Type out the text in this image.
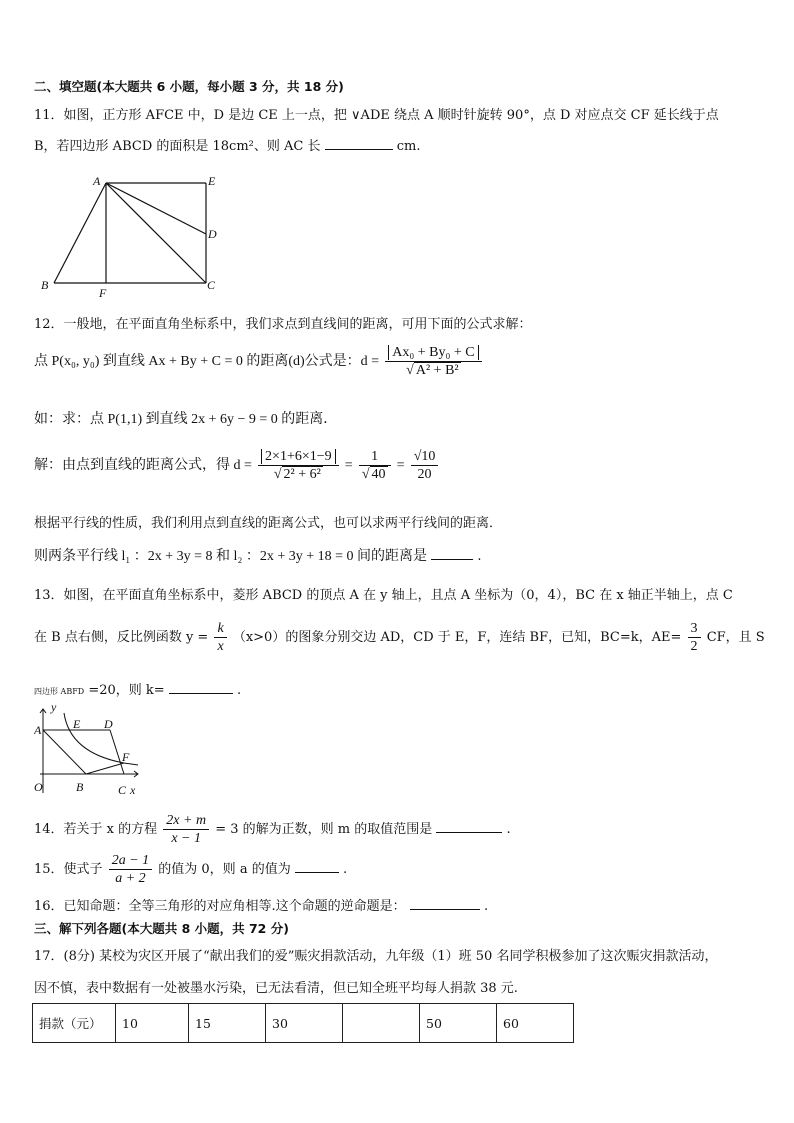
二、填空题(本大题共 6 小题，每小题 3 分，共 18 分)
11．如图，正方形 AFCE 中，D 是边 CE 上一点，把 ∨ADE 绕点 A 顺时针旋转 90°，点 D 对应点交 CF 延长线于点
B，若四边形 ABCD 的面积是 18cm²、则 AC 长	cm.
A	E
D
B
F
C
12．一般地，在平面直角坐标系中，我们求点到直线间的距离，可用下面的公式求解：
点 P(x₀, y₀) 到直线 Ax + By + C = 0 的距离(d)公式是：$d = \frac{\text{Ax₀ + By₀ + C}}{\text{√ A² + B²}}$
如：求：点 P(1,1) 到直线 2x + 6y − 9 = 0 的距离．
解：由点到直线的距离公式，得 $d = \frac{2\times 1+6\times 1-9}{\text{√ 2² + 6²}} = \frac{1}{√ 40} = \frac{√10}{20}$
根据平行线的性质，我们利用点到直线的距离公式，也可以求两平行线间的距离．
则两条平行线 l₁ ：2x + 3y = 8 和 l₂ ：2x + 3y + 18 = 0 间的距离是	.
13．如图，在平面直角坐标系中，菱形 ABCD 的顶点 A 在 y 轴上，且点 A 坐标为（0，4），BC 在 x 轴正半轴上，点 C
在 B 点右侧，反比例函数 $y = \frac{k}{x} (x>0)$的图象分别交边 AD，CD 于 E，F，连结 BF，已知，BC=k，$AE= \frac{3}{2}$ CF，且 S
四边形 ABFD =20，则 k=	.
y
E D
A
F
O	B	C x
14．若关于 x 的方程 $\frac{2x + m}{x - 1} = 3$ 的解为正数，则 m 的取值范围是	.
15．使式子 $\frac{2a - 1}{a + 2}$ 的值为 0，则 a 的值为	.
16．已知命题：全等三角形的对应角相等.这个命题的逆命题是：	.
三、解下列各题(本大题共 8 小题，共 72 分)
17．(8分) 某校为灾区开展了“献出我们的爱”赈灾捐款活动，九年级（1）班 50 名同学积极参加了这次赈灾捐款活动，
因不慎，表中数据有一处被墨水污染，已无法看清，但已知全班平均每人捐款 38 元.
捐款（元）	10	15	30		50	60
